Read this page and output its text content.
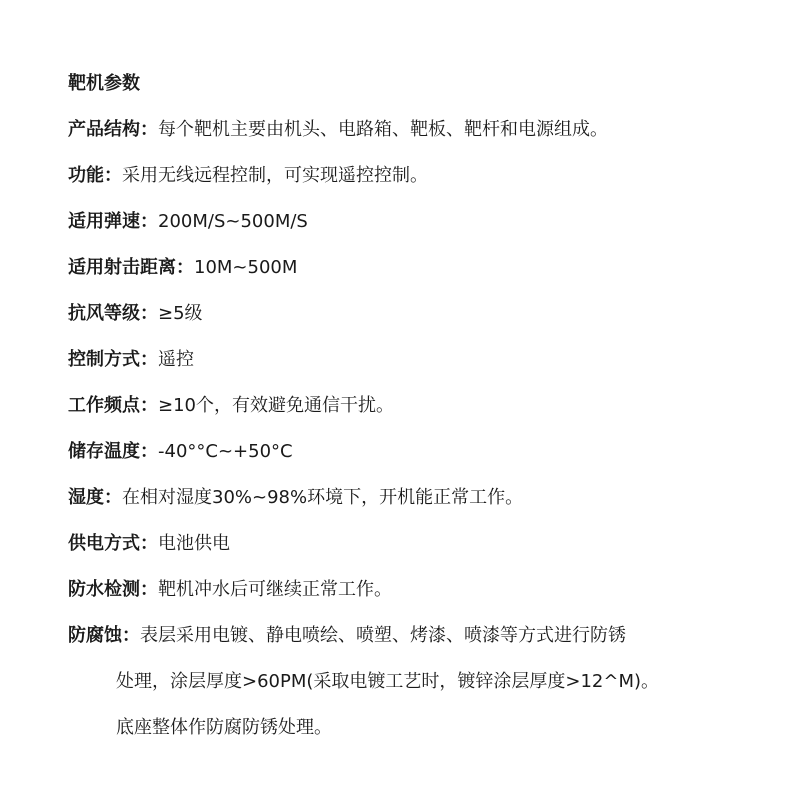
靶机参数
产品结构：每个靶机主要由机头、电路箱、靶板、靶杆和电源组成。
功能：采用无线远程控制，可实现遥控控制。
适用弹速：200M/S~500M/S
适用射击距离：10M~500M
抗风等级：≥5级
控制方式：遥控
工作频点：≥10个，有效避免通信干扰。
储存温度：-40°°C~+50°C
湿度：在相对湿度30%~98%环境下，开机能正常工作。
供电方式：电池供电
防水检测：靶机冲水后可继续正常工作。
防腐蚀：表层采用电镀、静电喷绘、喷塑、烤漆、喷漆等方式进行防锈
处理，涂层厚度>60PM(采取电镀工艺时，镀锌涂层厚度>12^M)。
底座整体作防腐防锈处理。
